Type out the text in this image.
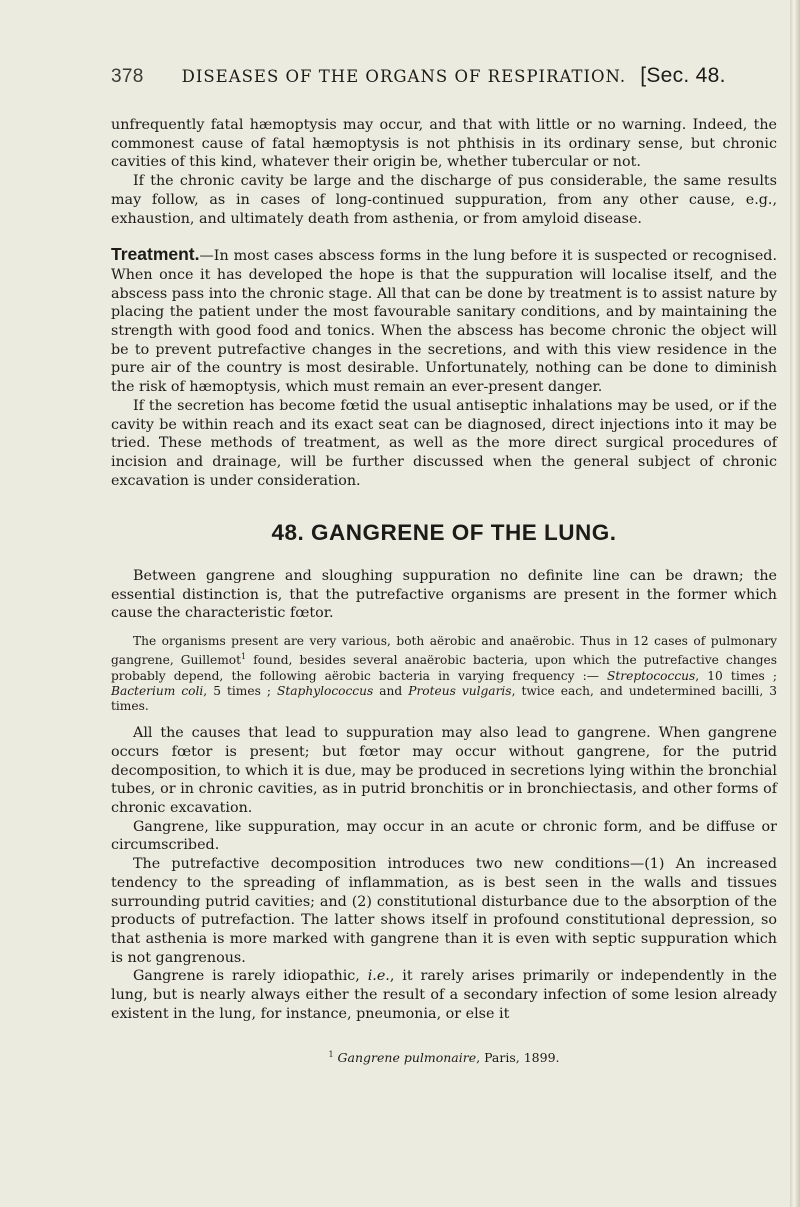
378 DISEASES OF THE ORGANS OF RESPIRATION. [Sec. 48.

unfrequently fatal hæmoptysis may occur, and that with little or no warning. Indeed, the commonest cause of fatal hæmoptysis is not phthisis in its ordinary sense, but chronic cavities of this kind, whatever their origin be, whether tubercular or not.

If the chronic cavity be large and the discharge of pus considerable, the same results may follow, as in cases of long-continued suppuration, from any other cause, e.g., exhaustion, and ultimately death from asthenia, or from amyloid disease.

Treatment.—In most cases abscess forms in the lung before it is suspected or recognised. When once it has developed the hope is that the suppuration will localise itself, and the abscess pass into the chronic stage. All that can be done by treatment is to assist nature by placing the patient under the most favourable sanitary conditions, and by maintaining the strength with good food and tonics. When the abscess has become chronic the object will be to prevent putrefactive changes in the secretions, and with this view residence in the pure air of the country is most desirable. Unfortunately, nothing can be done to diminish the risk of hæmoptysis, which must remain an ever-present danger.

If the secretion has become fœtid the usual antiseptic inhalations may be used, or if the cavity be within reach and its exact seat can be diagnosed, direct injections into it may be tried. These methods of treatment, as well as the more direct surgical procedures of incision and drainage, will be further discussed when the general subject of chronic excavation is under consideration.

48. GANGRENE OF THE LUNG.

Between gangrene and sloughing suppuration no definite line can be drawn; the essential distinction is, that the putrefactive organisms are present in the former which cause the characteristic fœtor.

The organisms present are very various, both aërobic and anaërobic. Thus in 12 cases of pulmonary gangrene, Guillemot$^1$ found, besides several anaërobic bacteria, upon which the putrefactive changes probably depend, the following aërobic bacteria in varying frequency :— Streptococcus, 10 times ; Bacterium coli, 5 times ; Staphylococcus and Proteus vulgaris, twice each, and undetermined bacilli, 3 times.

All the causes that lead to suppuration may also lead to gangrene. When gangrene occurs fœtor is present; but fœtor may occur without gangrene, for the putrid decomposition, to which it is due, may be produced in secretions lying within the bronchial tubes, or in chronic cavities, as in putrid bronchitis or in bronchiectasis, and other forms of chronic excavation.

Gangrene, like suppuration, may occur in an acute or chronic form, and be diffuse or circumscribed.

The putrefactive decomposition introduces two new conditions—(1) An increased tendency to the spreading of inflammation, as is best seen in the walls and tissues surrounding putrid cavities; and (2) constitutional disturbance due to the absorption of the products of putrefaction. The latter shows itself in profound constitutional depression, so that asthenia is more marked with gangrene than it is even with septic suppuration which is not gangrenous.

Gangrene is rarely idiopathic, i.e., it rarely arises primarily or independently in the lung, but is nearly always either the result of a secondary infection of some lesion already existent in the lung, for instance, pneumonia, or else it

$^1$ Gangrene pulmonaire, Paris, 1899.
